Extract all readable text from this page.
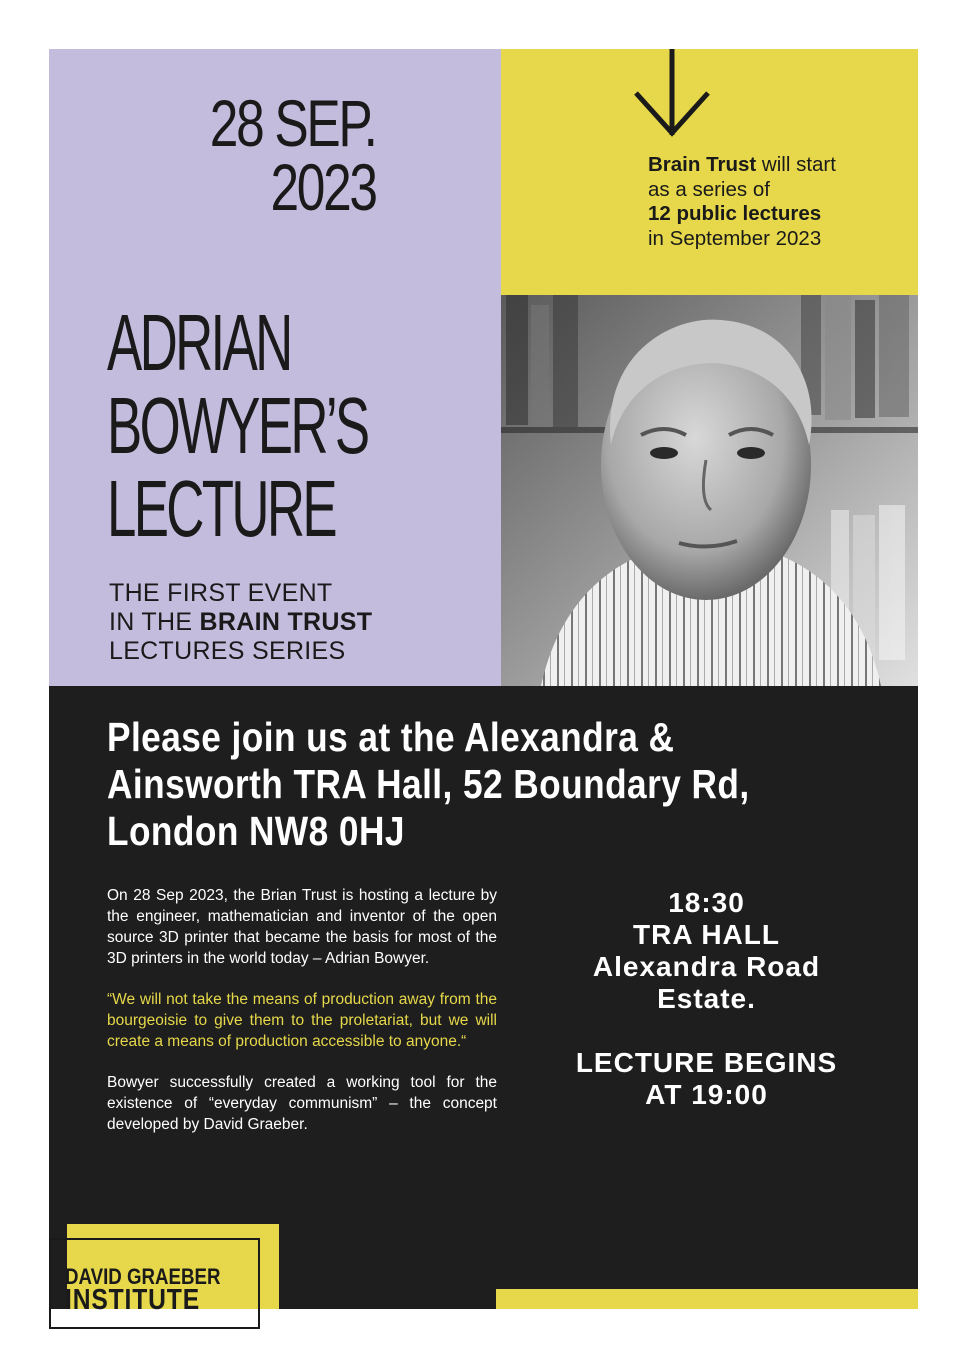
28 SEP.
2023
ADRIAN
BOWYER’S
LECTURE
THE FIRST EVENT
IN THE BRAIN TRUST
LECTURES SERIES
Brain Trust will start
as a series of
12 public lectures
in September 2023
Please join us at the Alexandra &
Ainsworth TRA Hall, 52 Boundary Rd,
London NW8 0HJ

On 28 Sep 2023, the Brian Trust is hosting a lecture by the engineer, mathematician and inventor of the open source 3D printer that became the basis for most of the 3D printers in the world today – Adrian Bowyer.

“We will not take the means of production away from the bourgeoisie to give them to the proletariat, but we will create a means of production accessible to anyone.“

Bowyer successfully created a working tool for the existence of “everyday communism” – the concept developed by David Graeber.

18:30
TRA HALL
Alexandra Road
Estate.
LECTURE BEGINS
AT 19:00
DAVID GRAEBER
INSTITUTE
